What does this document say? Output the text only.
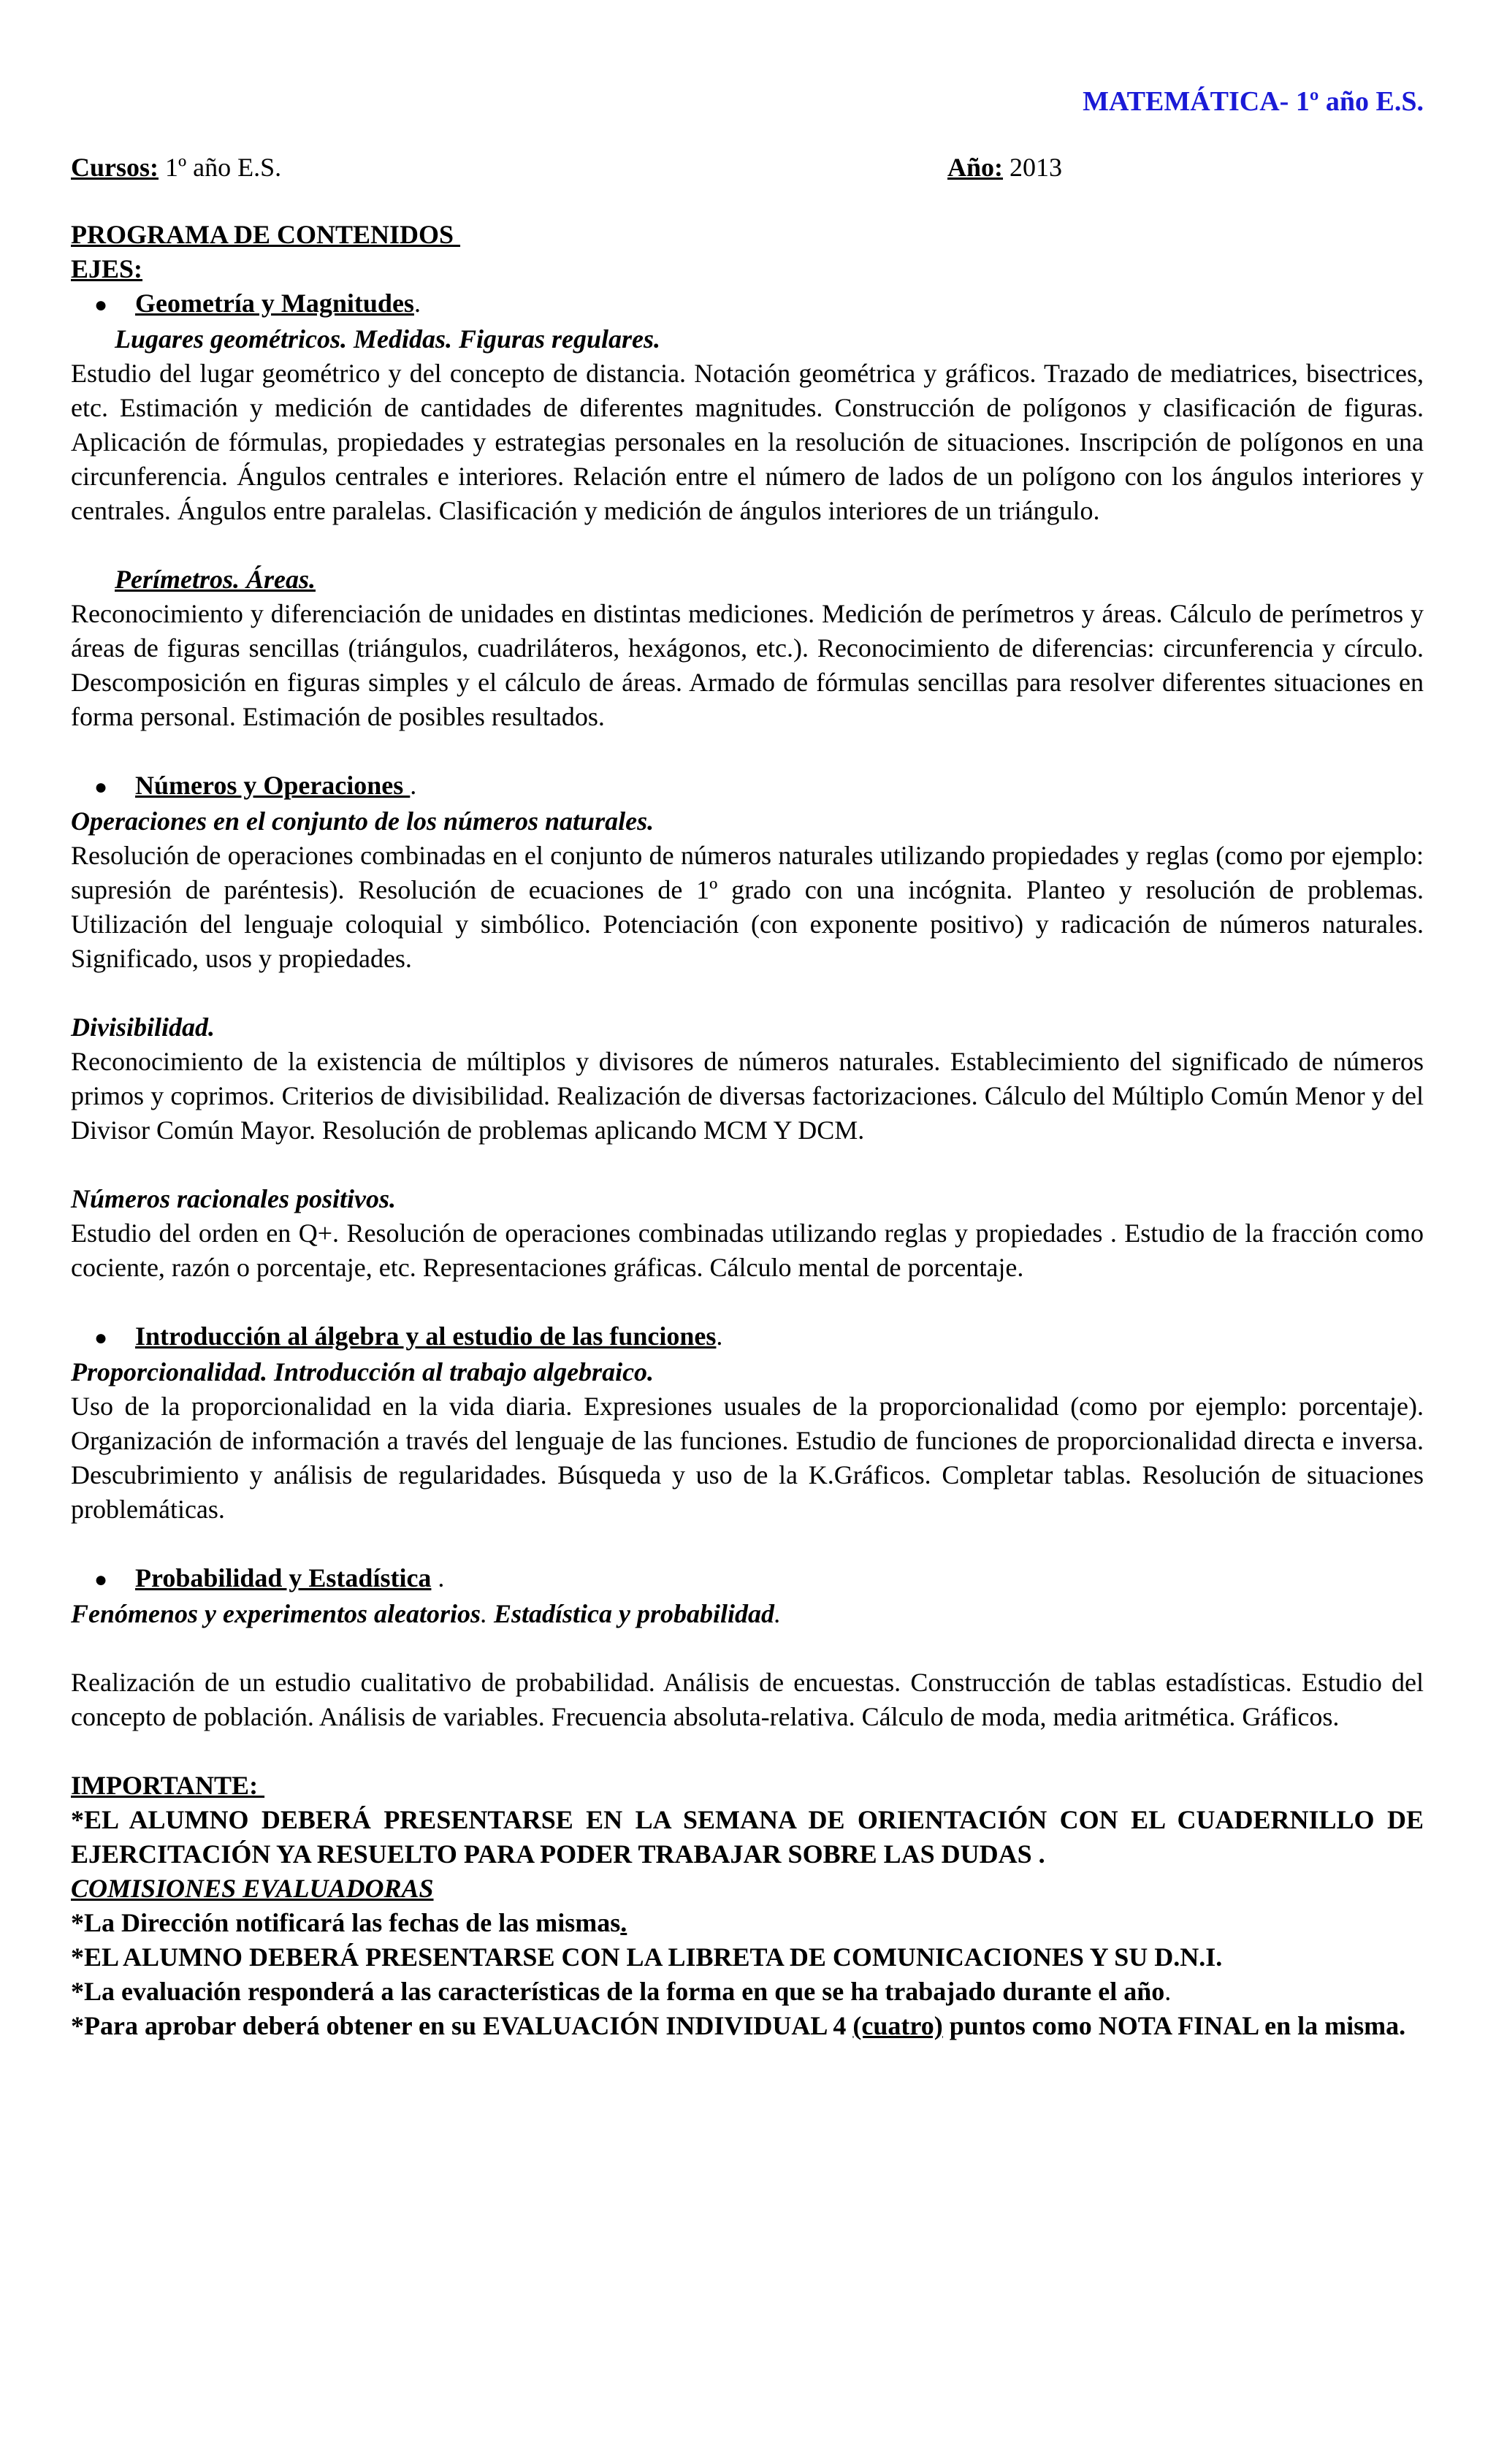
MATEMÁTICA- 1º año E.S.
Cursos: 1º año E.S.	Año: 2013
PROGRAMA DE CONTENIDOS
EJES:
●	Geometría y Magnitudes.
Lugares geométricos. Medidas. Figuras regulares.

Estudio del lugar geométrico y del concepto de distancia. Notación geométrica y gráficos. Trazado de mediatrices, bisectrices, etc. Estimación y medición de cantidades de diferentes magnitudes. Construcción de polígonos y clasificación de figuras. Aplicación de fórmulas, propiedades y estrategias personales en la resolución de situaciones. Inscripción de polígonos en una circunferencia. Ángulos centrales e interiores. Relación entre el número de lados de un polígono con los ángulos interiores y centrales. Ángulos entre paralelas. Clasificación y medición de ángulos interiores de un triángulo.

Perímetros. Áreas.

Reconocimiento y diferenciación de unidades en distintas mediciones. Medición de perímetros y áreas. Cálculo de perímetros y áreas de figuras sencillas (triángulos, cuadriláteros, hexágonos, etc.). Reconocimiento de diferencias: circunferencia y círculo. Descomposición en figuras simples y el cálculo de áreas. Armado de fórmulas sencillas para resolver diferentes situaciones en forma personal. Estimación de posibles resultados.

●	Números y Operaciones .
Operaciones en el conjunto de los números naturales.

Resolución de operaciones combinadas en el conjunto de números naturales utilizando propiedades y reglas (como por ejemplo: supresión de paréntesis). Resolución de ecuaciones de 1º grado con una incógnita. Planteo y resolución de problemas. Utilización del lenguaje coloquial y simbólico. Potenciación (con exponente positivo) y radicación de números naturales. Significado, usos y propiedades.

Divisibilidad.

Reconocimiento de la existencia de múltiplos y divisores de números naturales. Establecimiento del significado de números primos y coprimos. Criterios de divisibilidad. Realización de diversas factorizaciones. Cálculo del Múltiplo Común Menor y del Divisor Común Mayor. Resolución de problemas aplicando MCM Y DCM.

Números racionales positivos.

Estudio del orden en Q+. Resolución de operaciones combinadas utilizando reglas y propiedades . Estudio de la fracción como cociente, razón o porcentaje, etc. Representaciones gráficas. Cálculo mental de porcentaje.

●	Introducción al álgebra y al estudio de las funciones.
Proporcionalidad. Introducción al trabajo algebraico.

Uso de la proporcionalidad en la vida diaria. Expresiones usuales de la proporcionalidad (como por ejemplo: porcentaje). Organización de información a través del lenguaje de las funciones. Estudio de funciones de proporcionalidad directa e inversa. Descubrimiento y análisis de regularidades. Búsqueda y uso de la K.Gráficos. Completar tablas. Resolución de situaciones problemáticas.

●	Probabilidad y Estadística .
Fenómenos y experimentos aleatorios. Estadística y probabilidad.

Realización de un estudio cualitativo de probabilidad. Análisis de encuestas. Construcción de tablas estadísticas. Estudio del concepto de población. Análisis de variables. Frecuencia absoluta-relativa. Cálculo de moda, media aritmética. Gráficos.

IMPORTANTE:

*EL ALUMNO DEBERÁ PRESENTARSE EN LA SEMANA DE ORIENTACIÓN CON EL CUADERNILLO DE EJERCITACIÓN YA RESUELTO PARA PODER TRABAJAR SOBRE LAS DUDAS .

COMISIONES EVALUADORAS

*La Dirección notificará las fechas de las mismas.

*EL ALUMNO DEBERÁ PRESENTARSE CON LA LIBRETA DE COMUNICACIONES Y SU D.N.I.

*La evaluación responderá a las características de la forma en que se ha trabajado durante el año.

*Para aprobar deberá obtener en su EVALUACIÓN INDIVIDUAL 4 (cuatro) puntos como NOTA FINAL en la misma.
